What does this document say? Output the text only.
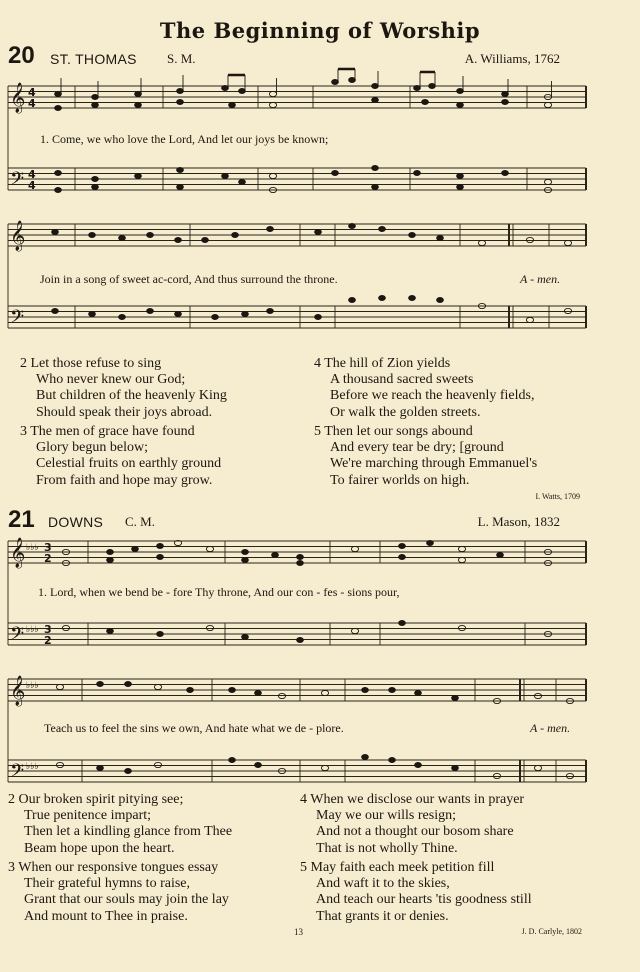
The Beginning of Worship
20 ST. THOMAS S. M.	A. Williams, 1762
𝄞
𝄢
𝄞
𝄢
4
4
4
4
1. Come, we who love the Lord, And let our joys be known;
Join in a song of sweet ac-cord, And thus surround the throne.	A - men.
2 Let those refuse to sing
Who never knew our God;
But children of the heavenly King
Should speak their joys abroad.
3 The men of grace have found
Glory begun below;
Celestial fruits on earthly ground
From faith and hope may grow.
4 The hill of Zion yields
A thousand sacred sweets
Before we reach the heavenly fields,
Or walk the golden streets.
5 Then let our songs abound
And every tear be dry; [ground
We're marching through Emmanuel's
To fairer worlds on high.
I. Watts, 1709
21 DOWNS C. M.	L. Mason, 1832
𝄞
𝄢
𝄞
𝄢
♭♭♭
♭♭♭
♭♭♭
♭♭♭
3
2
3
2
1. Lord, when we bend be - fore Thy throne, And our con - fes - sions pour,
Teach us to feel the sins we own, And hate what we de - plore.	A - men.
2 Our broken spirit pitying see;
True penitence impart;
Then let a kindling glance from Thee
Beam hope upon the heart.
3 When our responsive tongues essay
Their grateful hymns to raise,
Grant that our souls may join the lay
And mount to Thee in praise.
4 When we disclose our wants in prayer
May we our wills resign;
And not a thought our bosom share
That is not wholly Thine.
5 May faith each meek petition fill
And waft it to the skies,
And teach our hearts 'tis goodness still
That grants it or denies.
13	J. D. Carlyle, 1802
